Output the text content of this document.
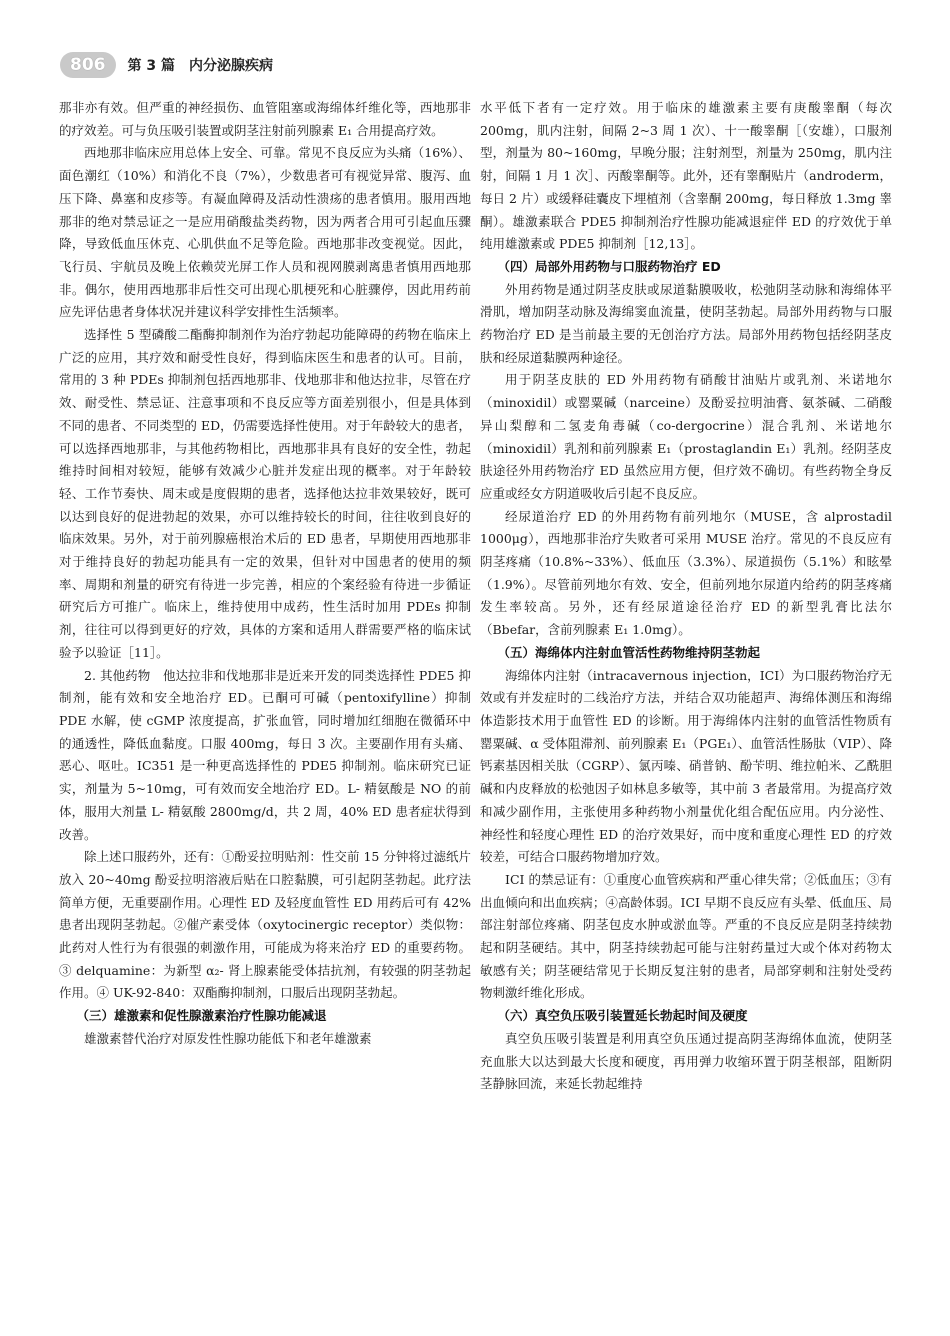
806	第 3 篇 内分泌腺疾病

那非亦有效。但严重的神经损伤、血管阻塞或海绵体纤维化等，西地那非的疗效差。可与负压吸引装置或阴茎注射前列腺素 E₁ 合用提高疗效。

西地那非临床应用总体上安全、可靠。常见不良反应为头痛（16%）、面色潮红（10%）和消化不良（7%），少数患者可有视觉异常、腹泻、血压下降、鼻塞和皮疹等。有凝血障碍及活动性溃疡的患者慎用。服用西地那非的绝对禁忌证之一是应用硝酸盐类药物，因为两者合用可引起血压骤降，导致低血压休克、心肌供血不足等危险。西地那非改变视觉。因此，飞行员、宇航员及晚上依赖荧光屏工作人员和视网膜剥离患者慎用西地那非。偶尔，使用西地那非后性交可出现心肌梗死和心脏骤停，因此用药前应先评估患者身体状况并建议科学安排性生活频率。

选择性 5 型磷酸二酯酶抑制剂作为治疗勃起功能障碍的药物在临床上广泛的应用，其疗效和耐受性良好，得到临床医生和患者的认可。目前，常用的 3 种 PDEs 抑制剂包括西地那非、伐地那非和他达拉非，尽管在疗效、耐受性、禁忌证、注意事项和不良反应等方面差别很小，但是具体到不同的患者、不同类型的 ED，仍需要选择性使用。对于年龄较大的患者，可以选择西地那非，与其他药物相比，西地那非具有良好的安全性，勃起维持时间相对较短，能够有效减少心脏并发症出现的概率。对于年龄较轻、工作节奏快、周末或是度假期的患者，选择他达拉非效果较好，既可以达到良好的促进勃起的效果，亦可以维持较长的时间，往往收到良好的临床效果。另外，对于前列腺癌根治术后的 ED 患者，早期使用西地那非对于维持良好的勃起功能具有一定的效果，但针对中国患者的使用的频率、周期和剂量的研究有待进一步完善，相应的个案经验有待进一步循证研究后方可推广。临床上，维持使用中成药，性生活时加用 PDEs 抑制剂，往往可以得到更好的疗效，具体的方案和适用人群需要严格的临床试验予以验证［11］。

2. 其他药物　他达拉非和伐地那非是近来开发的同类选择性 PDE5 抑制剂，能有效和安全地治疗 ED。已酮可可碱（pentoxifylline）抑制 PDE 水解，使 cGMP 浓度提高，扩张血管，同时增加红细胞在微循环中的通透性，降低血黏度。口服 400mg，每日 3 次。主要副作用有头痛、恶心、呕吐。IC351 是一种更高选择性的 PDE5 抑制剂。临床研究已证实，剂量为 5~10mg，可有效而安全地治疗 ED。L- 精氨酸是 NO 的前体，服用大剂量 L- 精氨酸 2800mg/d，共 2 周，40% ED 患者症状得到改善。

除上述口服药外，还有：①酚妥拉明贴剂：性交前 15 分钟将过滤纸片放入 20~40mg 酚妥拉明溶液后贴在口腔黏膜，可引起阴茎勃起。此疗法简单方便，无重要副作用。心理性 ED 及轻度血管性 ED 用药后可有 42% 患者出现阴茎勃起。②催产素受体（oxytocinergic receptor）类似物：此药对人性行为有很强的刺激作用，可能成为将来治疗 ED 的重要药物。③ delquamine：为新型 α₂- 肾上腺素能受体拮抗剂，有较强的阴茎勃起作用。④ UK-92-840：双酯酶抑制剂，口服后出现阴茎勃起。

（三）雄激素和促性腺激素治疗性腺功能减退

雄激素替代治疗对原发性性腺功能低下和老年雄激素

水平低下者有一定疗效。用于临床的雄激素主要有庚酸睾酮（每次 200mg，肌内注射，间隔 2~3 周 1 次）、十一酸睾酮［（安雄），口服剂型，剂量为 80~160mg，早晚分服；注射剂型，剂量为 250mg，肌内注射，间隔 1 月 1 次］、丙酸睾酮等。此外，还有睾酮贴片（androderm，每日 2 片）或缓释硅囊皮下埋植剂（含睾酮 200mg，每日释放 1.3mg 睾酮）。雄激素联合 PDE5 抑制剂治疗性腺功能减退症伴 ED 的疗效优于单纯用雄激素或 PDE5 抑制剂［12,13］。

（四）局部外用药物与口服药物治疗 ED

外用药物是通过阴茎皮肤或尿道黏膜吸收，松弛阴茎动脉和海绵体平滑肌，增加阴茎动脉及海绵窦血流量，使阴茎勃起。局部外用药物与口服药物治疗 ED 是当前最主要的无创治疗方法。局部外用药物包括经阴茎皮肤和经尿道黏膜两种途径。

用于阴茎皮肤的 ED 外用药物有硝酸甘油贴片或乳剂、米诺地尔（minoxidil）或罂粟碱（narceine）及酚妥拉明油膏、氨茶碱、二硝酸异山梨醇和二氢麦角毒碱（co-dergocrine）混合乳剂、米诺地尔（minoxidil）乳剂和前列腺素 E₁（prostaglandin E₁）乳剂。经阴茎皮肤途径外用药物治疗 ED 虽然应用方便，但疗效不确切。有些药物全身反应重或经女方阴道吸收后引起不良反应。

经尿道治疗 ED 的外用药物有前列地尔（MUSE，含 alprostadil 1000μg），西地那非治疗失败者可采用 MUSE 治疗。常见的不良反应有阴茎疼痛（10.8%~33%）、低血压（3.3%）、尿道损伤（5.1%）和眩晕（1.9%）。尽管前列地尔有效、安全，但前列地尔尿道内给药的阴茎疼痛发生率较高。另外，还有经尿道途径治疗 ED 的新型乳膏比法尔（Bbefar，含前列腺素 E₁ 1.0mg）。

（五）海绵体内注射血管活性药物维持阴茎勃起

海绵体内注射（intracavernous injection，ICI）为口服药物治疗无效或有并发症时的二线治疗方法，并结合双功能超声、海绵体测压和海绵体造影技术用于血管性 ED 的诊断。用于海绵体内注射的血管活性物质有罂粟碱、α 受体阻滞剂、前列腺素 E₁（PGE₁）、血管活性肠肽（VIP）、降钙素基因相关肽（CGRP）、氯丙嗪、硝普钠、酚苄明、维拉帕米、乙酰胆碱和内皮释放的松弛因子如林息多敏等，其中前 3 者最常用。为提高疗效和减少副作用，主张使用多种药物小剂量优化组合配伍应用。内分泌性、神经性和轻度心理性 ED 的治疗效果好，而中度和重度心理性 ED 的疗效较差，可结合口服药物增加疗效。

ICI 的禁忌证有：①重度心血管疾病和严重心律失常；②低血压；③有出血倾向和出血疾病；④高龄体弱。ICI 早期不良反应有头晕、低血压、局部注射部位疼痛、阴茎包皮水肿或淤血等。严重的不良反应是阴茎持续勃起和阴茎硬结。其中，阴茎持续勃起可能与注射药量过大或个体对药物太敏感有关；阴茎硬结常见于长期反复注射的患者，局部穿刺和注射处受药物刺激纤维化形成。

（六）真空负压吸引装置延长勃起时间及硬度

真空负压吸引装置是利用真空负压通过提高阴茎海绵体血流，使阴茎充血胀大以达到最大长度和硬度，再用弹力收缩环置于阴茎根部，阻断阴茎静脉回流，来延长勃起维持
